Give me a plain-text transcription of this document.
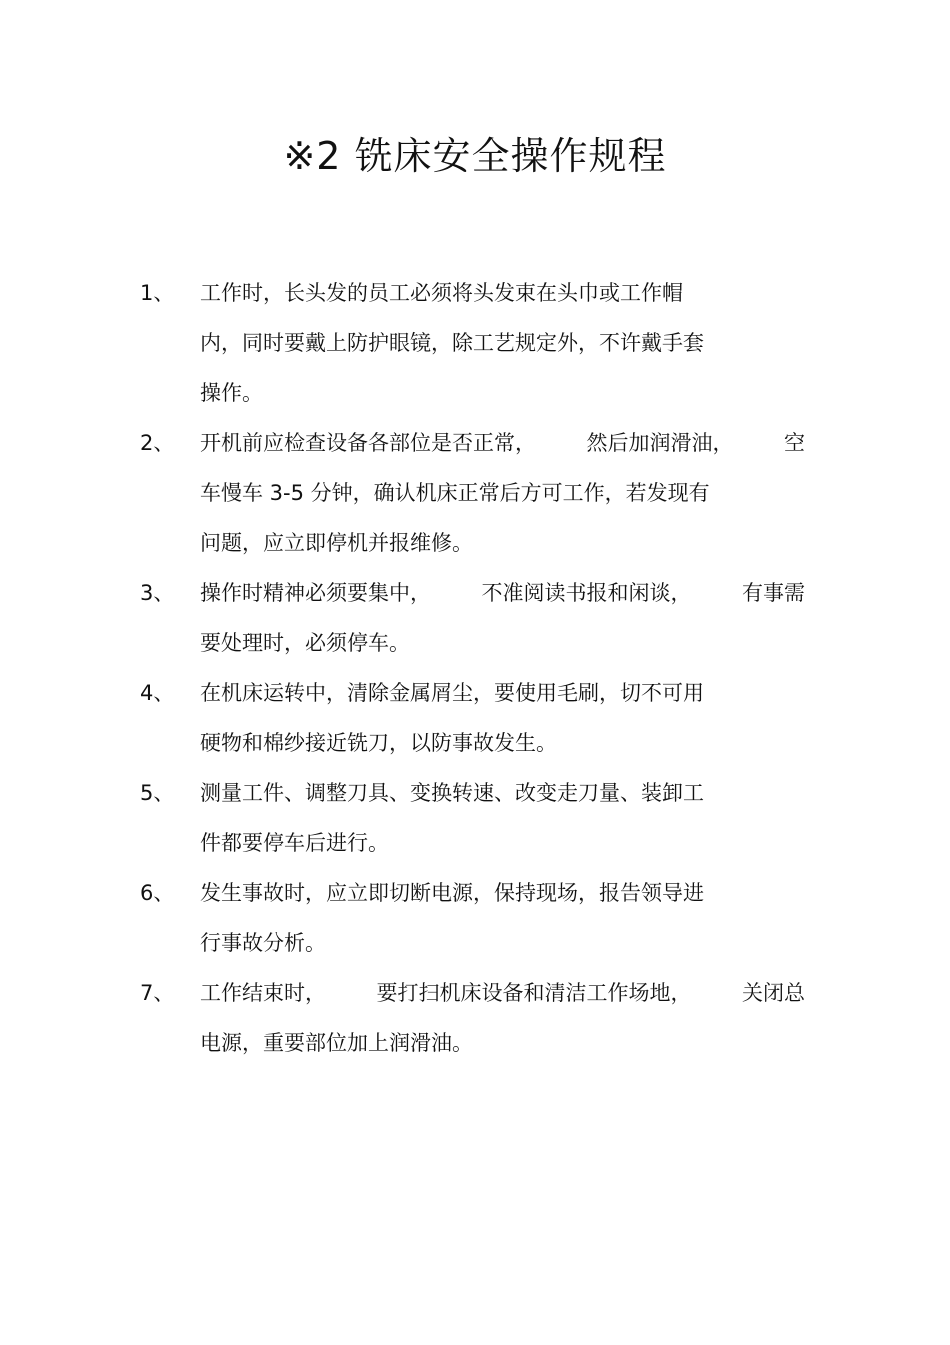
※2 铣床安全操作规程
1、	工作时，长头发的员工必须将头发束在头巾或工作帽
内，同时要戴上防护眼镜，除工艺规定外，不许戴手套
操作。
2、	开机前应检查设备各部位是否正常， 然后加润滑油， 空
车慢车 3-5 分钟，确认机床正常后方可工作，若发现有
问题，应立即停机并报维修。
3、	操作时精神必须要集中， 不准阅读书报和闲谈， 有事需
要处理时，必须停车。
4、	在机床运转中，清除金属屑尘，要使用毛刷，切不可用
硬物和棉纱接近铣刀，以防事故发生。
5、	测量工件、调整刀具、变换转速、改变走刀量、装卸工
件都要停车后进行。
6、	发生事故时，应立即切断电源，保持现场，报告领导进
行事故分析。
7、	工作结束时， 要打扫机床设备和清洁工作场地， 关闭总
电源，重要部位加上润滑油。
